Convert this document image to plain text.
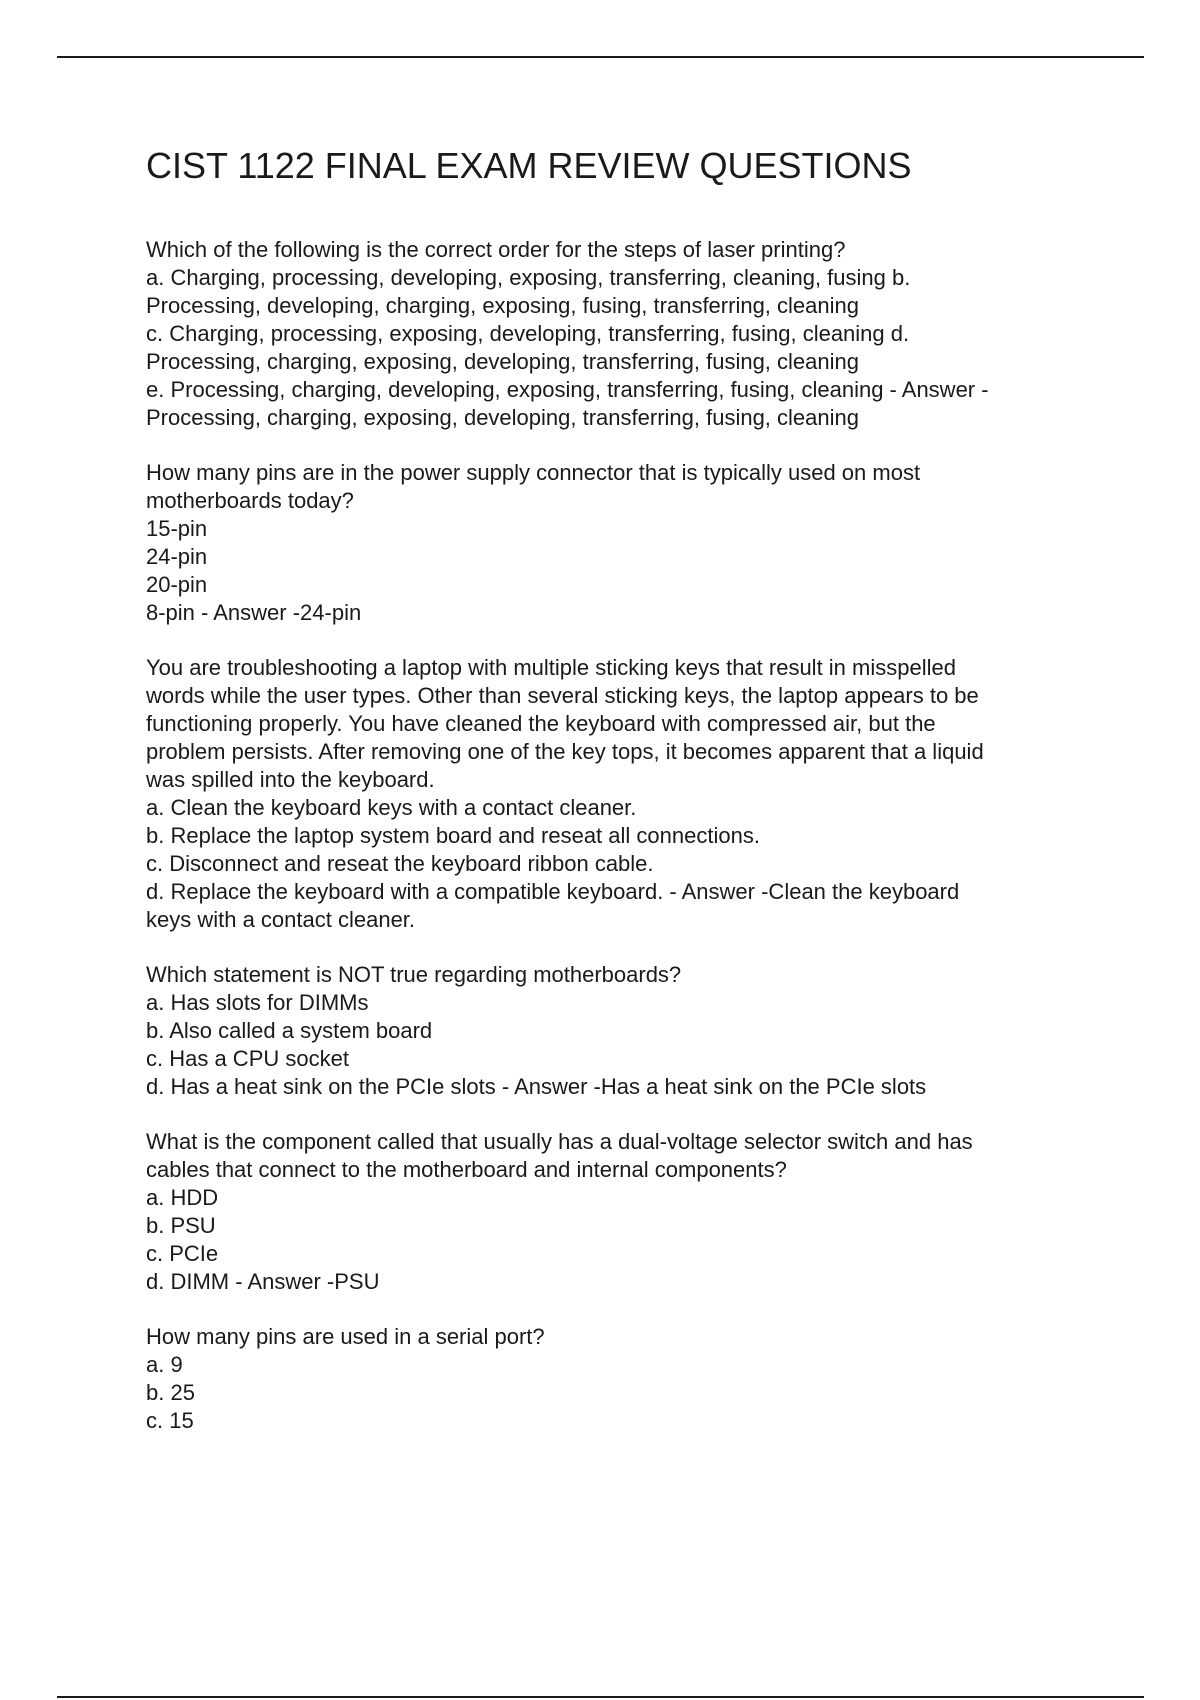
CIST 1122 FINAL EXAM REVIEW QUESTIONS
Which of the following is the correct order for the steps of laser printing?
a. Charging, processing, developing, exposing, transferring, cleaning, fusing b.
Processing, developing, charging, exposing, fusing, transferring, cleaning
c. Charging, processing, exposing, developing, transferring, fusing, cleaning d.
Processing, charging, exposing, developing, transferring, fusing, cleaning
e. Processing, charging, developing, exposing, transferring, fusing, cleaning - Answer -
Processing, charging, exposing, developing, transferring, fusing, cleaning
How many pins are in the power supply connector that is typically used on most
motherboards today?
15-pin
24-pin
20-pin
8-pin - Answer -24-pin
You are troubleshooting a laptop with multiple sticking keys that result in misspelled
words while the user types. Other than several sticking keys, the laptop appears to be
functioning properly. You have cleaned the keyboard with compressed air, but the
problem persists. After removing one of the key tops, it becomes apparent that a liquid
was spilled into the keyboard.
a. Clean the keyboard keys with a contact cleaner.
b. Replace the laptop system board and reseat all connections.
c. Disconnect and reseat the keyboard ribbon cable.
d. Replace the keyboard with a compatible keyboard. - Answer -Clean the keyboard
keys with a contact cleaner.
Which statement is NOT true regarding motherboards?
a. Has slots for DIMMs
b. Also called a system board
c. Has a CPU socket
d. Has a heat sink on the PCIe slots - Answer -Has a heat sink on the PCIe slots
What is the component called that usually has a dual-voltage selector switch and has
cables that connect to the motherboard and internal components?
a. HDD
b. PSU
c. PCIe
d. DIMM - Answer -PSU
How many pins are used in a serial port?
a. 9
b. 25
c. 15
